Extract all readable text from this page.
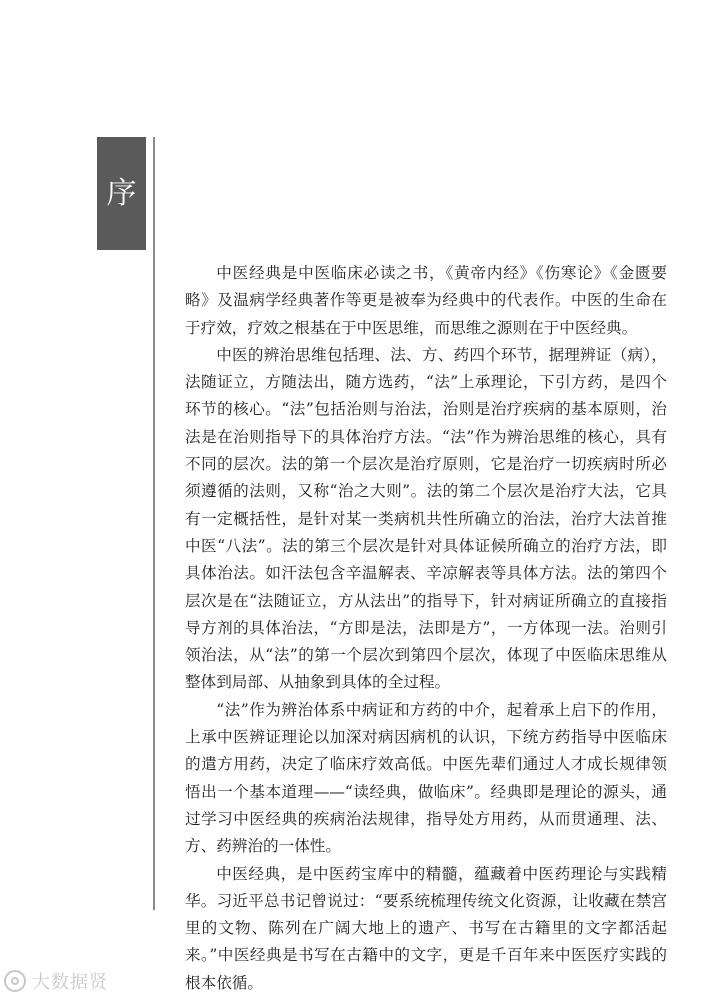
序

中医经典是中医临床必读之书，《黄帝内经》《伤寒论》《金匮要略》及温病学经典著作等更是被奉为经典中的代表作。中医的生命在于疗效，疗效之根基在于中医思维，而思维之源则在于中医经典。

中医的辨治思维包括理、法、方、药四个环节，据理辨证（病），法随证立，方随法出，随方选药，“法”上承理论，下引方药，是四个环节的核心。“法”包括治则与治法，治则是治疗疾病的基本原则，治法是在治则指导下的具体治疗方法。“法”作为辨治思维的核心，具有不同的层次。法的第一个层次是治疗原则，它是治疗一切疾病时所必须遵循的法则，又称“治之大则”。法的第二个层次是治疗大法，它具有一定概括性，是针对某一类病机共性所确立的治法，治疗大法首推中医“八法”。法的第三个层次是针对具体证候所确立的治疗方法，即具体治法。如汗法包含辛温解表、辛凉解表等具体方法。法的第四个层次是在“法随证立，方从法出”的指导下，针对病证所确立的直接指导方剂的具体治法，“方即是法，法即是方”，一方体现一法。治则引领治法，从“法”的第一个层次到第四个层次，体现了中医临床思维从整体到局部、从抽象到具体的全过程。

“法”作为辨治体系中病证和方药的中介，起着承上启下的作用，上承中医辨证理论以加深对病因病机的认识，下统方药指导中医临床的遣方用药，决定了临床疗效高低。中医先辈们通过人才成长规律领悟出一个基本道理——“读经典，做临床”。经典即是理论的源头，通过学习中医经典的疾病治法规律，指导处方用药，从而贯通理、法、方、药辨治的一体性。

中医经典，是中医药宝库中的精髓，蕴藏着中医药理论与实践精华。习近平总书记曾说过：“要系统梳理传统文化资源，让收藏在禁宫里的文物、陈列在广阔大地上的遗产、书写在古籍里的文字都活起来。”中医经典是书写在古籍中的文字，更是千百年来中医医疗实践的根本依循。

大数据贤
